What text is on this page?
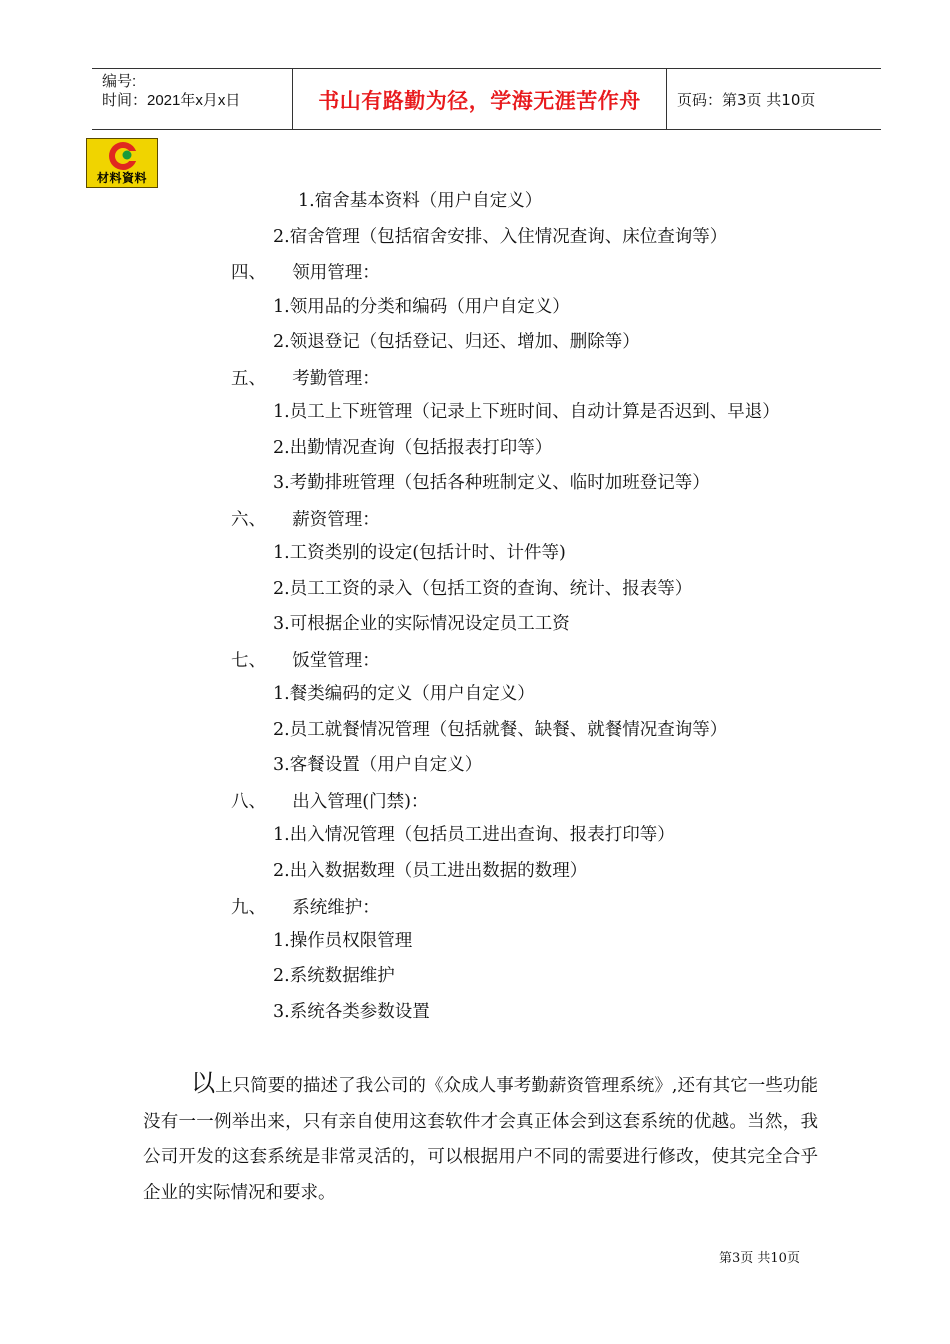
编号:
时间：2021年x月x日	书山有路勤为径，学海无涯苦作舟	页码：第3页 共10页
材料資料
1.宿舍基本资料（用户自定义）
2.宿舍管理（包括宿舍安排、入住情况查询、床位查询等）
四、　　领用管理：
1.领用品的分类和编码（用户自定义）
2.领退登记（包括登记、归还、增加、删除等）
五、　　考勤管理：
1.员工上下班管理（记录上下班时间、自动计算是否迟到、早退）
2.出勤情况查询（包括报表打印等）
3.考勤排班管理（包括各种班制定义、临时加班登记等）
六、　　薪资管理：
1.工资类别的设定(包括计时、计件等)
2.员工工资的录入（包括工资的查询、统计、报表等）
3.可根据企业的实际情况设定员工工资
七、　　饭堂管理：
1.餐类编码的定义（用户自定义）
2.员工就餐情况管理（包括就餐、缺餐、就餐情况查询等）
3.客餐设置（用户自定义）
八、　　出入管理(门禁)：
1.出入情况管理（包括员工进出查询、报表打印等）
2.出入数据数理（员工进出数据的数理）
九、　　系统维护：
1.操作员权限管理
2.系统数据维护
3.系统各类参数设置
以上只简要的描述了我公司的《众成人事考勤薪资管理系统》,还有其它一些功能没有一一例举出来，只有亲自使用这套软件才会真正体会到这套系统的优越。当然，我公司开发的这套系统是非常灵活的，可以根据用户不同的需要进行修改，使其完全合乎企业的实际情况和要求。
第3页 共10页
